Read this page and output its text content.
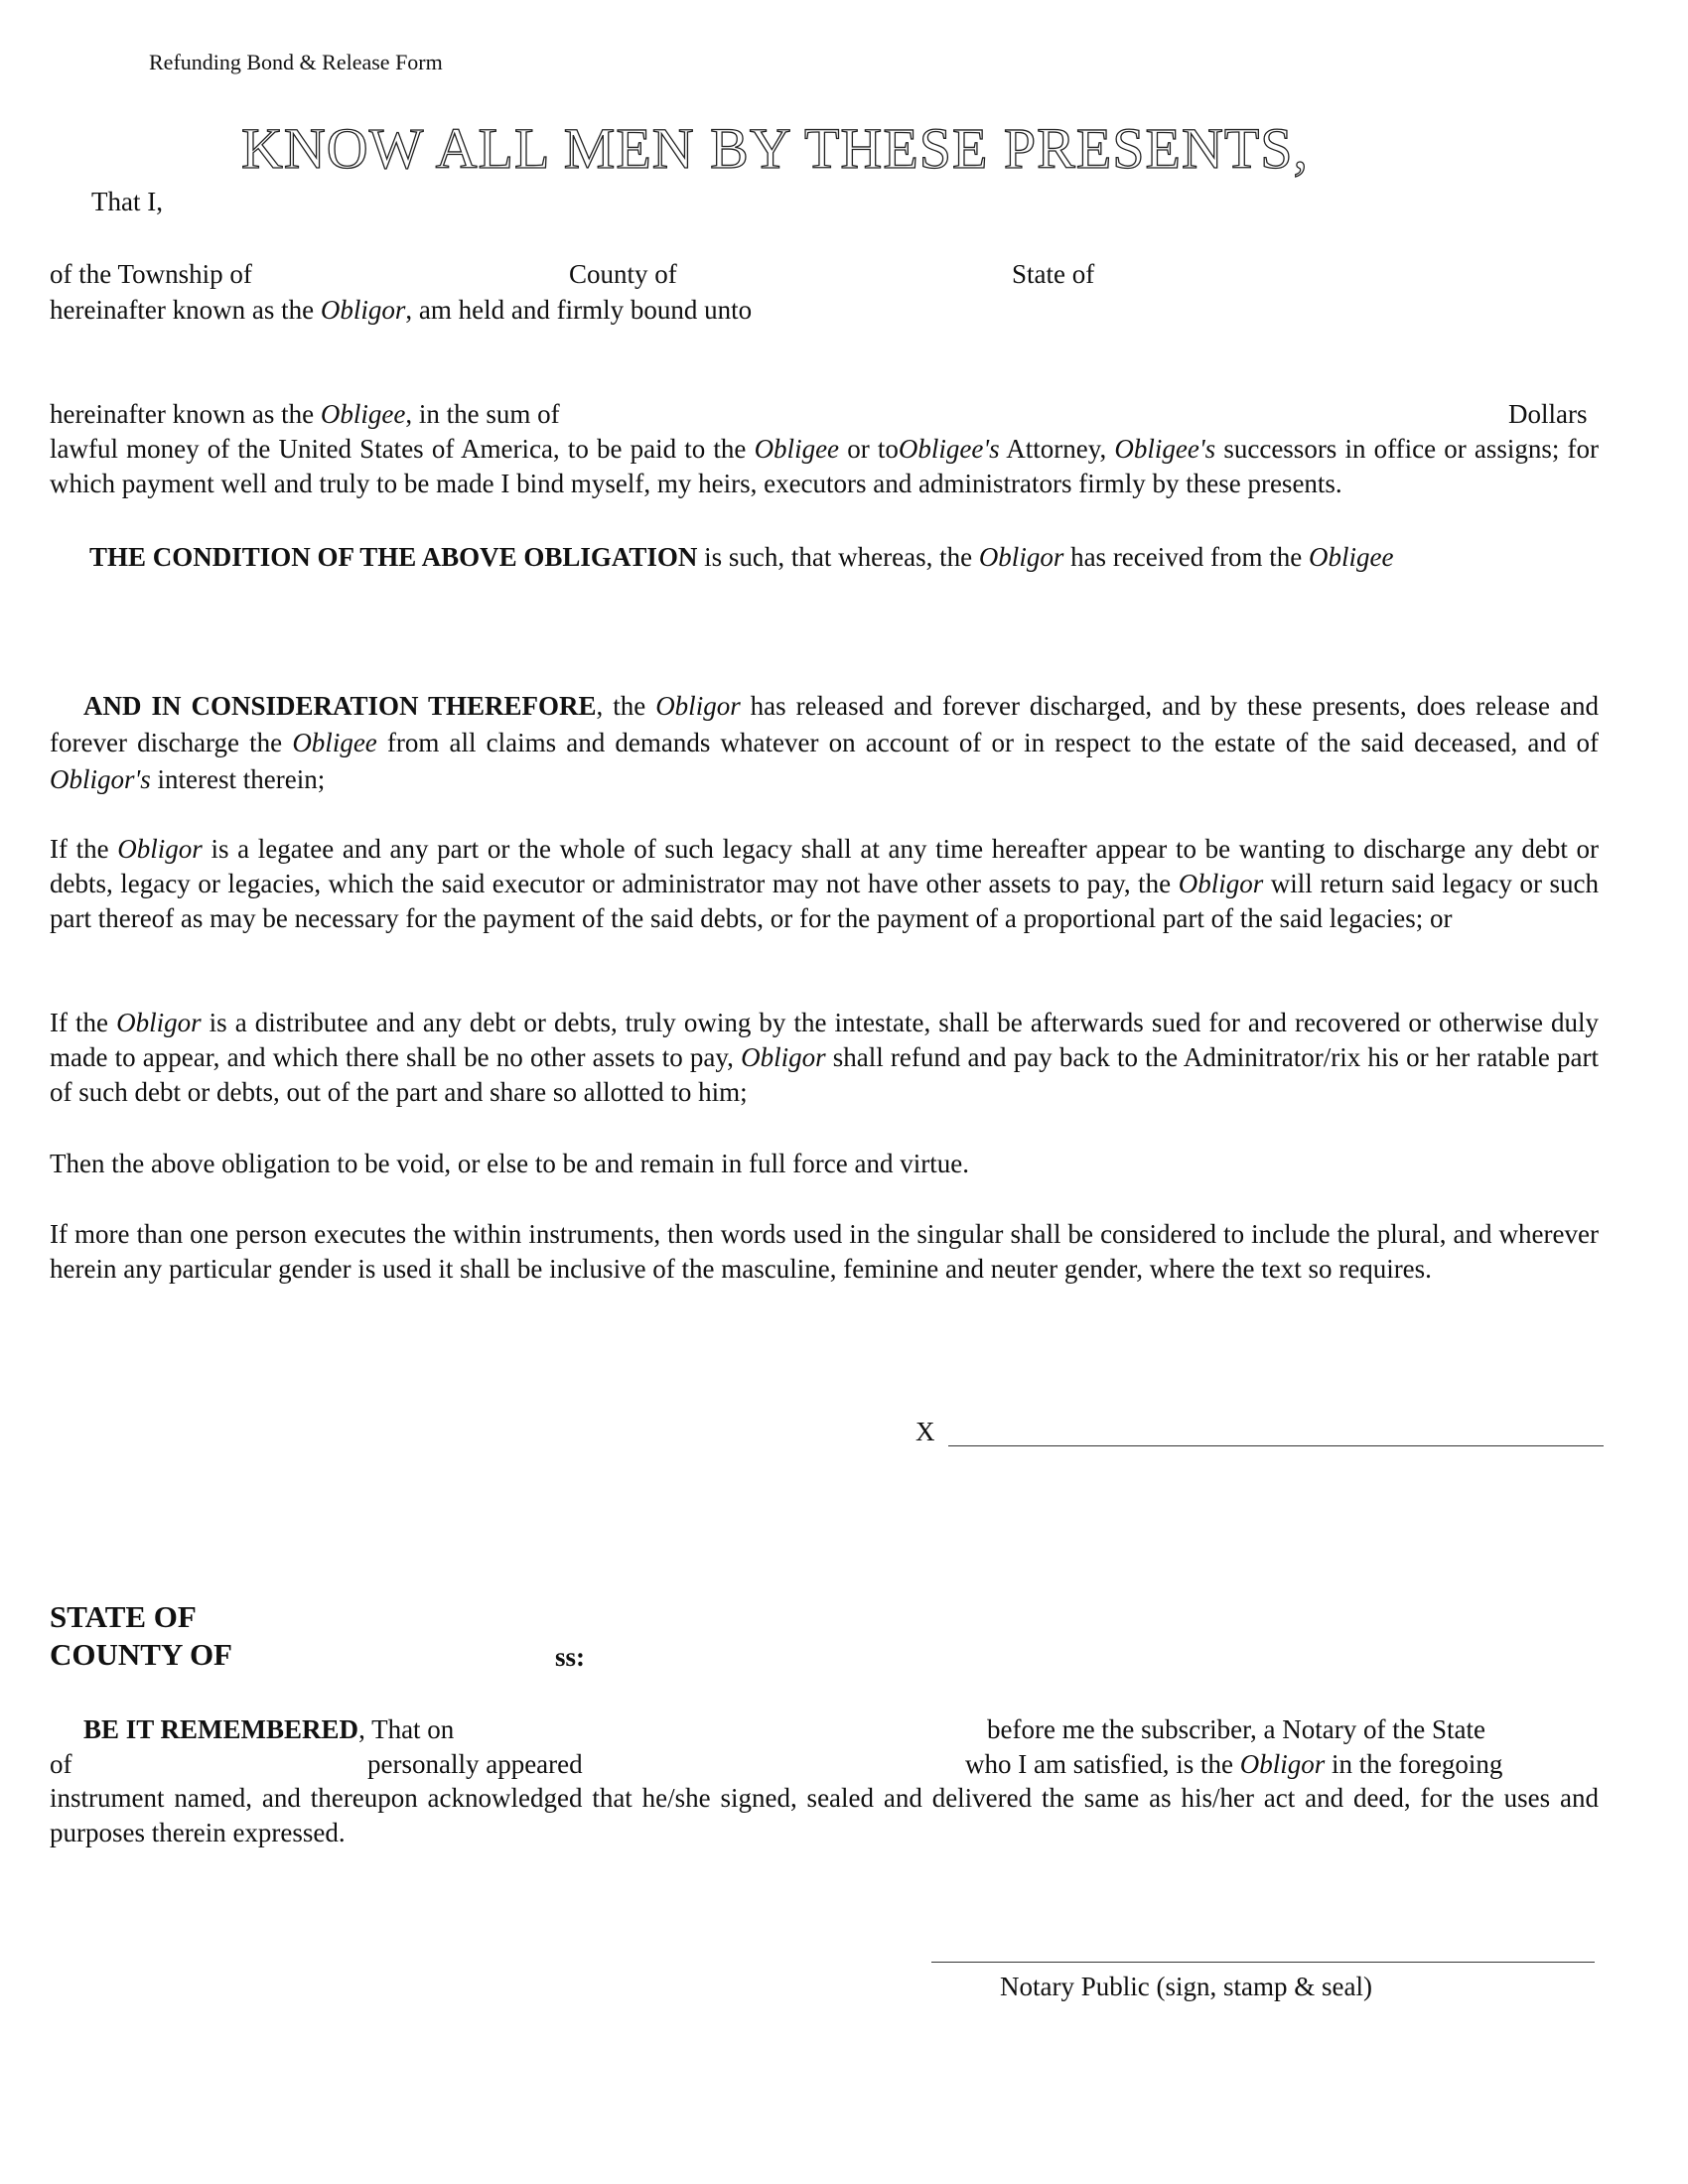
Refunding Bond & Release Form
KNOW ALL MEN BY THESE PRESENTS,
That I,
of the Township of	County of	State of
hereinafter known as the Obligor, am held and firmly bound unto
hereinafter known as the Obligee, in the sum of	Dollars
lawful money of the United States of America, to be paid to the Obligee or toObligee's Attorney, Obligee's successors in office or assigns; for which payment well and truly to be made I bind myself, my heirs, executors and administrators firmly by these presents.
THE CONDITION OF THE ABOVE OBLIGATION is such, that whereas, the Obligor has received from the Obligee
AND IN CONSIDERATION THEREFORE, the Obligor has released and forever discharged, and by these presents, does release and forever discharge the Obligee from all claims and demands whatever on account of or in respect to the estate of the said deceased, and of Obligor's interest therein;
If the Obligor is a legatee and any part or the whole of such legacy shall at any time hereafter appear to be wanting to discharge any debt or debts, legacy or legacies, which the said executor or administrator may not have other assets to pay, the Obligor will return said legacy or such part thereof as may be necessary for the payment of the said debts, or for the payment of a proportional part of the said legacies; or
If the Obligor is a distributee and any debt or debts, truly owing by the intestate, shall be afterwards sued for and recovered or otherwise duly made to appear, and which there shall be no other assets to pay, Obligor shall refund and pay back to the Adminitrator/rix his or her ratable part of such debt or debts, out of the part and share so allotted to him;
Then the above obligation to be void, or else to be and remain in full force and virtue.
If more than one person executes the within instruments, then words used in the singular shall be considered to include the plural, and wherever herein any particular gender is used it shall be inclusive of the masculine, feminine and neuter gender, where the text so requires.
X
STATE OF
COUNTY OF	ss:
BE IT REMEMBERED, That on	before me the subscriber, a Notary of the State
of	personally appeared	who I am satisfied, is the Obligor in the foregoing
instrument named, and thereupon acknowledged that he/she signed, sealed and delivered the same as his/her act and deed, for the uses and purposes therein expressed.
Notary Public (sign, stamp & seal)
